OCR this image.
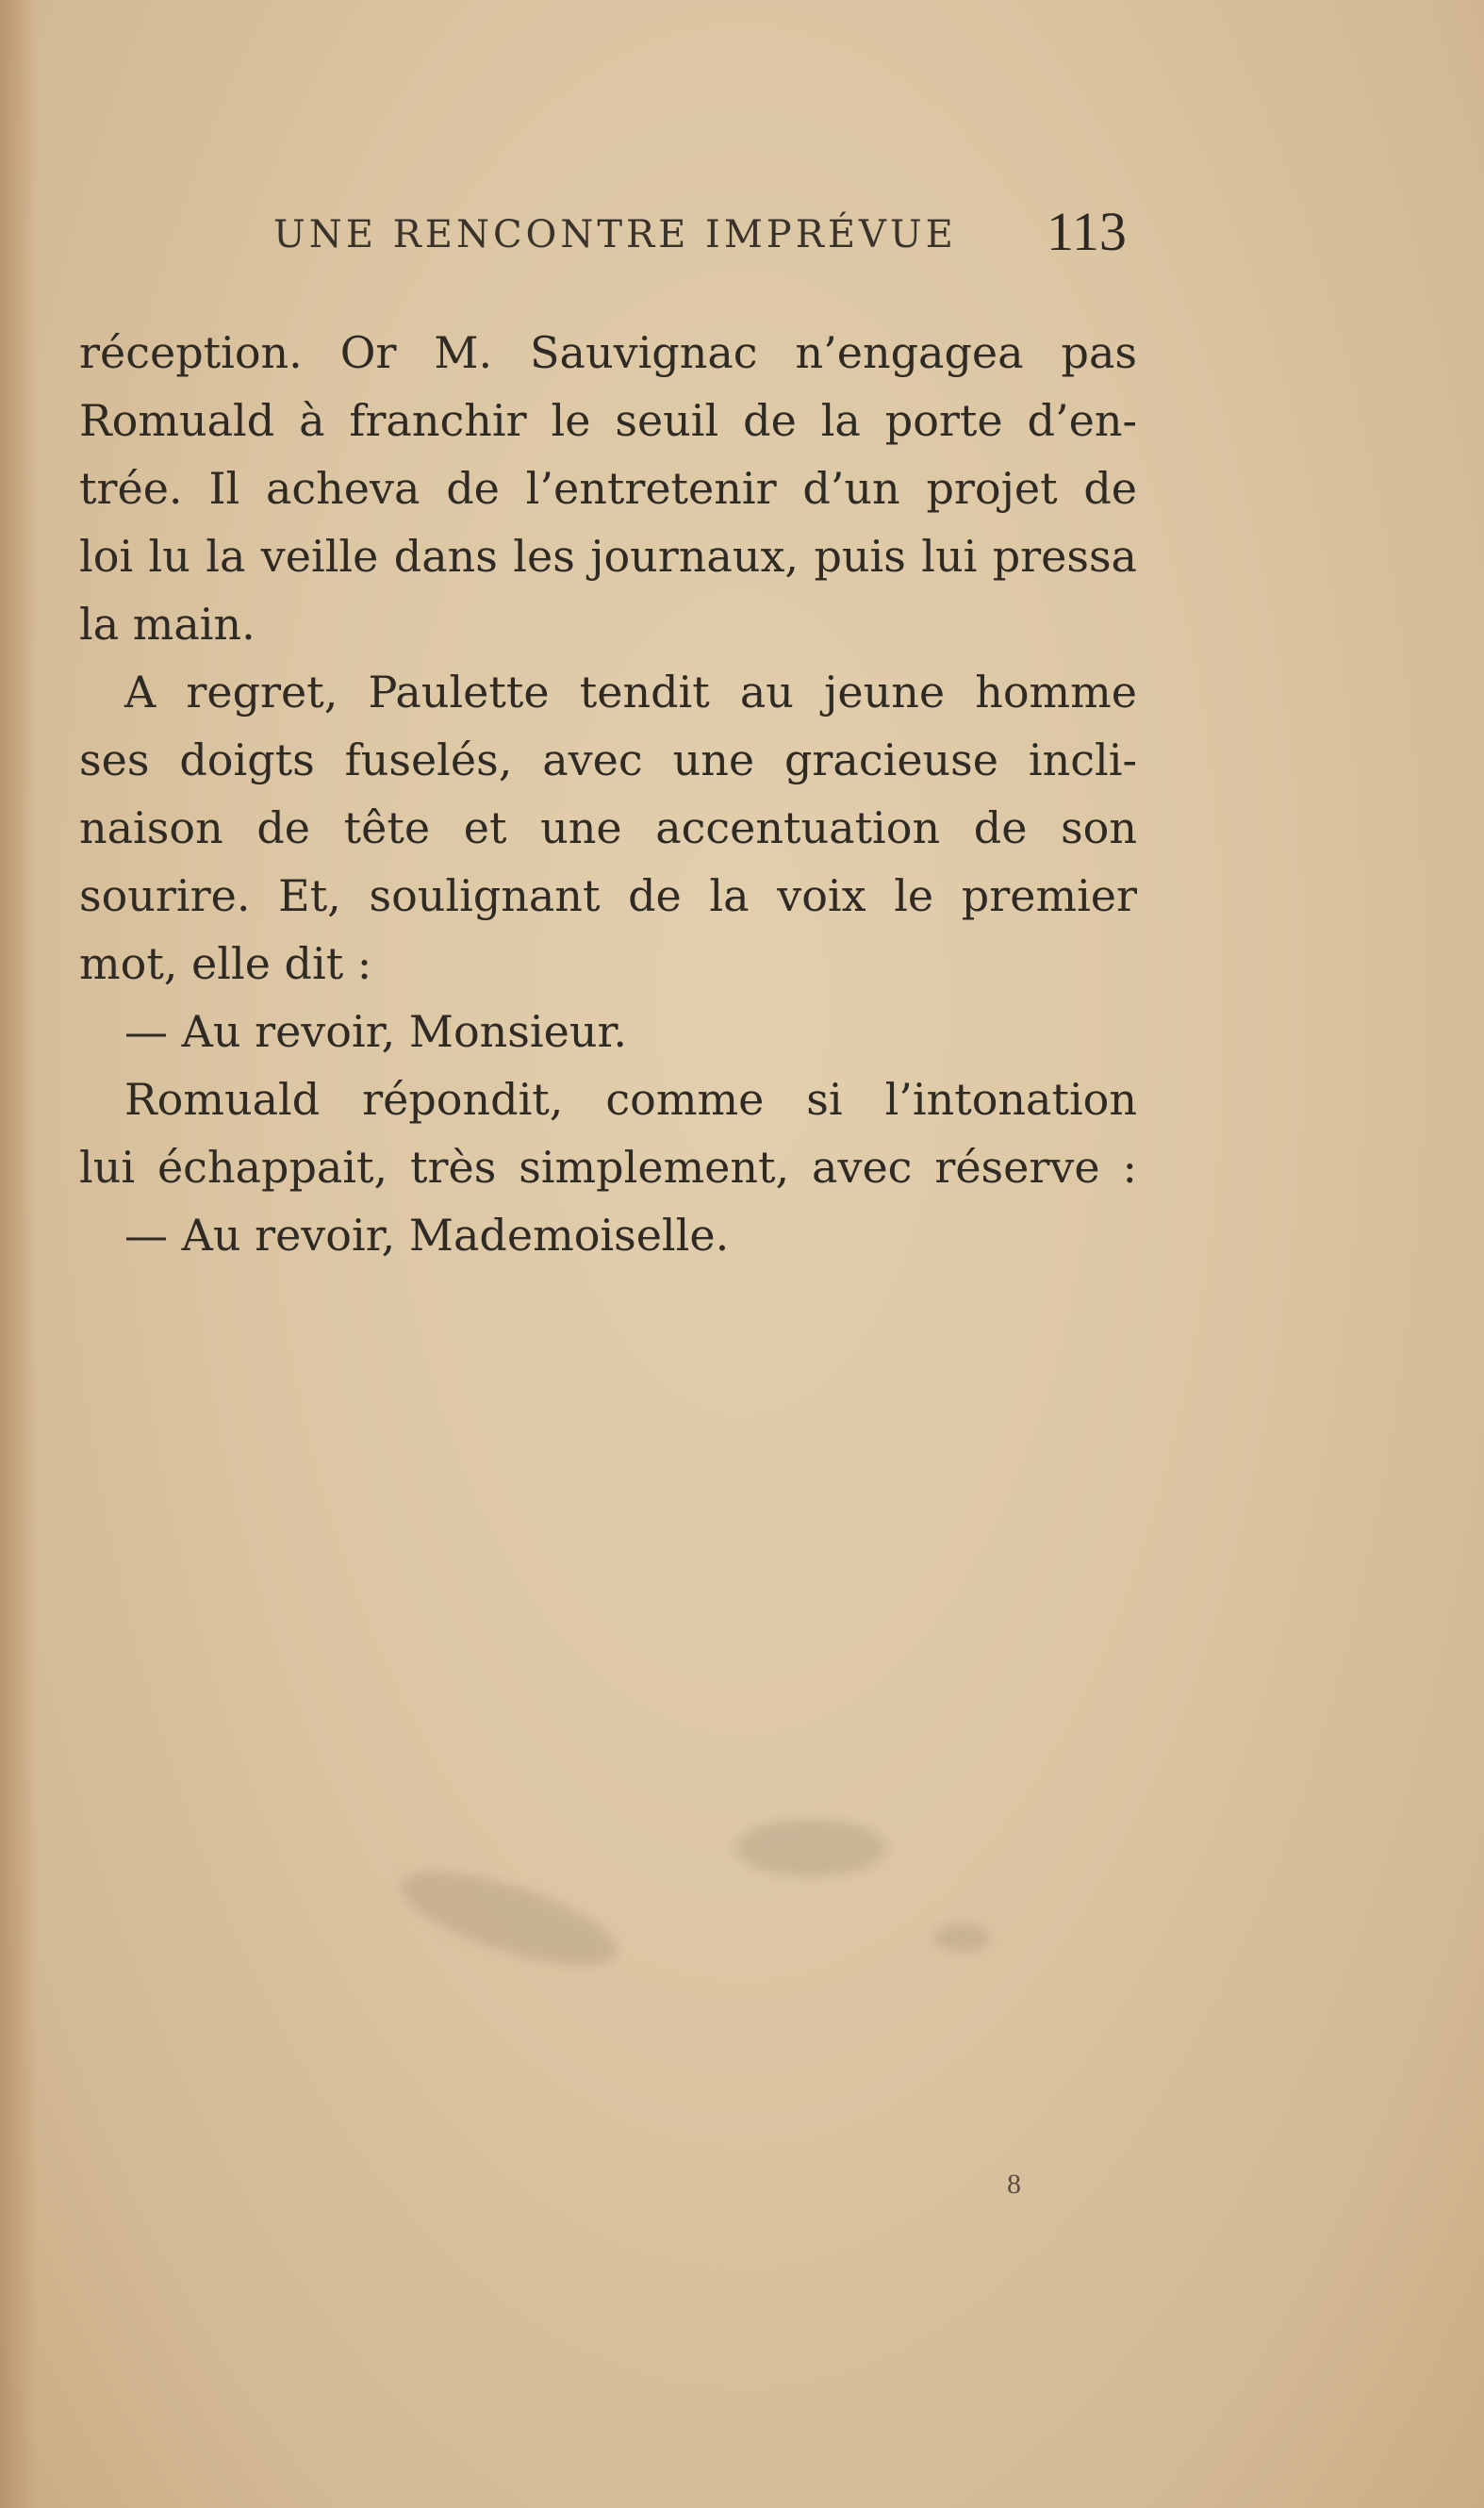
UNE RENCONTRE IMPRÉVUE 113
réception. Or M. Sauvignac n’engagea pas
Romuald à franchir le seuil de la porte d’en-
trée. Il acheva de l’entretenir d’un projet de
loi lu la veille dans les journaux, puis lui pressa
la main.
A regret, Paulette tendit au jeune homme
ses doigts fuselés, avec une gracieuse incli-
naison de tête et une accentuation de son
sourire. Et, soulignant de la voix le premier
mot, elle dit :
— Au revoir, Monsieur.
Romuald répondit, comme si l’intonation
lui échappait, très simplement, avec réserve :
— Au revoir, Mademoiselle.
8
